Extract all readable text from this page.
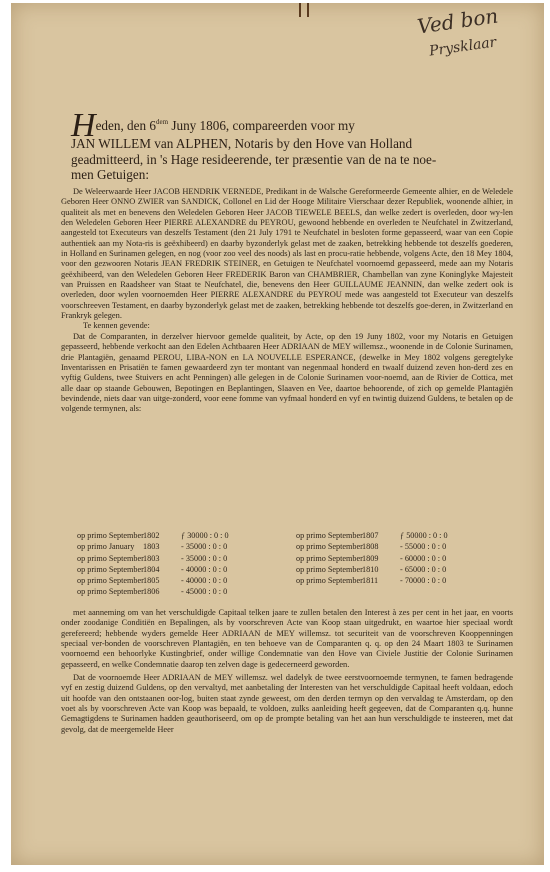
Ved bon
Prysklaar
Heden, den $6^{dem}$ Juny 1806, compareerden voor my
JAN WILLEM van ALPHEN, Notaris by den Hove van Holland
geadmitteerd, in 's Hage residеerende, ter præsentie van de na te noe-
men Getuigen:

De Weleerwaarde Heer JACOB HENDRIK VERNEDE, Predikant in de Walsche Gereformeerde Gemeente alhier, en de Weledele Geboren Heer ONNO ZWIER van SANDICK, Collonel en Lid der Hooge Militaire Vierschaar dezer Republiek, woonende alhier, in qualiteit als met en benevens den Weledelen Geboren Heer JACOB TIEWELE BEELS, dan welke zedert is overleden, door wy-len den Weledelen Geboren Heer PIERRE ALEXANDRE du PEYROU, gewoond hebbende en overleden te Neufchatel in Zwitzerland, aangesteld tot Executeurs van deszelfs Testament (den 21 July 1791 te Neufchatel in besloten forme gepasseerd, waar van een Copie authentiek aan my Nota-ris is geëxhibeerd) en daarby byzonderlyk gelast met de zaaken, betrekking hebbende tot deszelfs goederen, in Holland en Surinamen gelegen, en nog (voor zoo veel des noods) als last en procu-ratie hebbende, volgens Acte, den 18 Mey 1804, voor den gezwooren Notaris JEAN FREDRIK STEINER, en Getuigen te Neufchatel voornoemd gepasseerd, mede aan my Notaris geëxhibeerd, van den Weledelen Geboren Heer FREDERIK Baron van CHAMBRIER, Chambellan van zyne Koninglyke Majesteit van Pruissen en Raadsheer van Staat te Neufchatel, die, benevens den Heer GUILLAUME JEANNIN, dan welke zedert ook is overleden, door wylen voornoemden Heer PIERRE ALEXANDRE du PEYROU mede was aangesteld tot Executeur van deszelfs voorschreeven Testament, en daarby byzonderlyk gelast met de zaaken, betrekking hebbende tot deszelfs goe-deren, in Zwitzerland en Frankryk gelegen.

Te kennen gevende:

Dat de Comparanten, in derzelver hiervoor gemelde qualiteit, by Acte, op den 19 Juny 1802, voor my Notaris en Getuigen gepasseerd, hebbende verkocht aan den Edelen Achtbaaren Heer ADRIAAN de MEY willemsz., woonende in de Colonie Surinamen, drie Plantagiën, genaamd PEROU, LIBA-NON en LA NOUVELLE ESPERANCE, (dewelke in Mey 1802 volgens geregtelyke Inventarissen en Prisatiën te famen gewaardeerd zyn ter montant van negenmaal honderd en twaalf duizend zeven hon-derd zes en vyftig Guldens, twee Stuivers en acht Penningen) alle gelegen in de Colonie Surinamen voor-noemd, aan de Rivier de Cottica, met alle daar op staande Gebouwen, Bepotingen en Beplantingen, Slaaven en Vee, daartoe behoorende, of zich op gemelde Plantagiën bevindende, niets daar van uitge-zonderd, voor eene fomme van vyfmaal honderd en vyf en twintig duizend Guldens, te betalen op de volgende termynen, als:

op primo September 1802	ƒ 30000 : 0 : 0
op primo January 1803	- 35000 : 0 : 0
op primo September 1803	- 35000 : 0 : 0
op primo September 1804	- 40000 : 0 : 0
op primo September 1805	- 40000 : 0 : 0
op primo September 1806	- 45000 : 0 : 0
op primo September 1807	ƒ 50000 : 0 : 0
op primo September 1808	- 55000 : 0 : 0
op primo September 1809	- 60000 : 0 : 0
op primo September 1810	- 65000 : 0 : 0
op primo September 1811	- 70000 : 0 : 0

met aanneming om van het verschuldigde Capitaal telken jaare te zullen betalen den Interest à zes per cent in het jaar, en voorts onder zoodanige Conditiën en Bepalingen, als by voorschreven Acte van Koop staan uitgedrukt, en waartoe hier speciaal wordt gerefereerd; hebbende wyders gemelde Heer ADRIAAN de MEY willemsz. tot securiteit van de voorschreven Kooppenningen speciaal ver-bonden de voorschreven Plantagiën, en ten behoeve van de Comparanten q. q. op den 24 Maart 1803 te Surinamen voornoemd een behoorlyke Kustingbrief, onder willige Condemnatie van den Hove van Civiele Justitie der Colonie Surinamen gepasseerd, en welke Condemnatie daarop ten zelven dage is gedecerneerd geworden.

Dat de voornoemde Heer ADRIAAN de MEY willemsz. wel dadelyk de twee eerstvoornoemde termynen, te famen bedragende vyf en zestig duizend Guldens, op den vervaltyd, met aanbetaling der Interesten van het verschuldigde Capitaal heeft voldaan, edoch uit hoofde van den ontstaanen oor-log, buiten staat zynde geweest, om den derden termyn op den vervaldag te Amsterdam, op den voet als by voorschreven Acte van Koop was bepaald, te voldoen, zulks aanleiding heeft gegeeven, dat de Comparanten q.q. hunne Gemagtigdens te Surinamen hadden geauthoriseerd, om op de prompte betaling van het aan hun verschuldigde te insteeren, met dat gevolg, dat de meergemelde Heer
